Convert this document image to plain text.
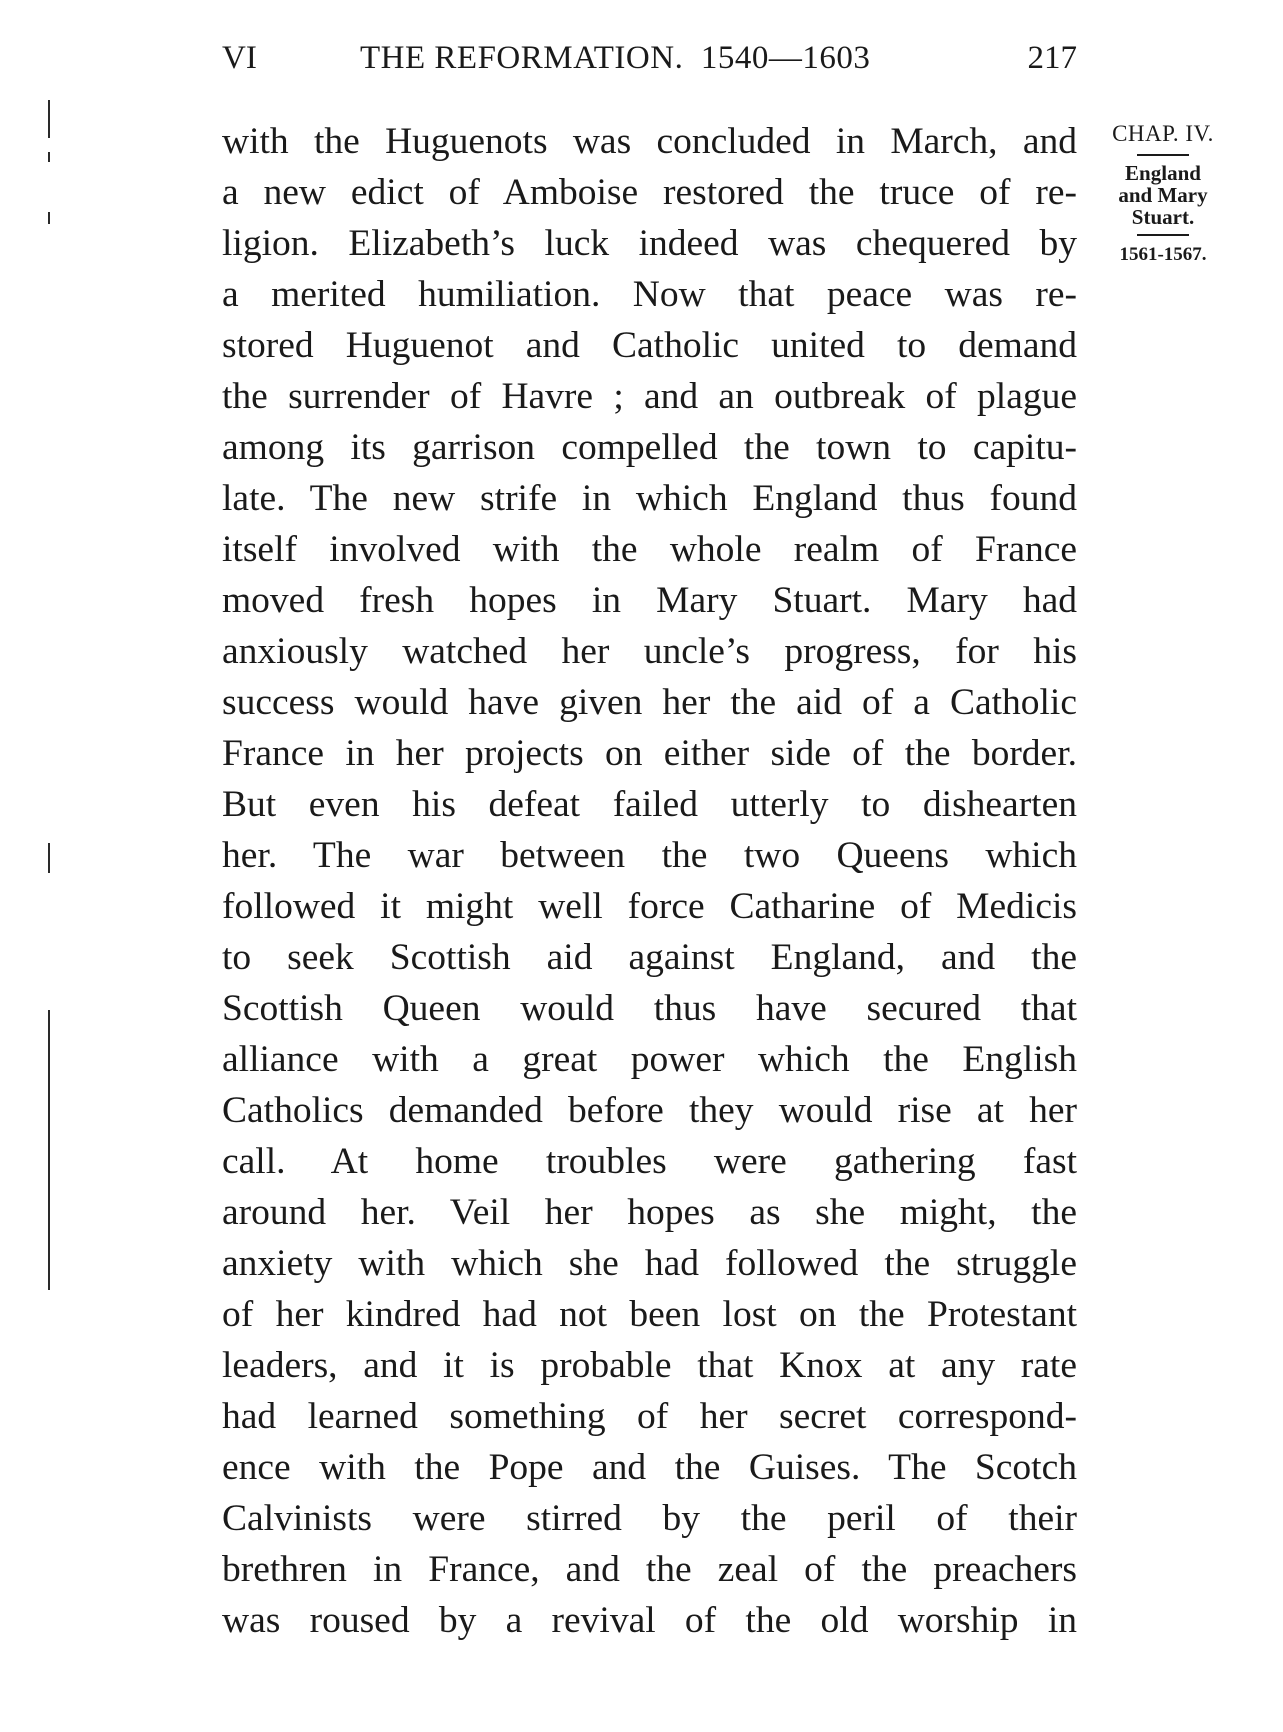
VI	THE REFORMATION.  1540—1603	217
with the Huguenots was concluded in March, and
a new edict of Amboise restored the truce of re-
ligion. Elizabeth’s luck indeed was chequered by
a merited humiliation. Now that peace was re-
stored Huguenot and Catholic united to demand
the surrender of Havre ; and an outbreak of plague
among its garrison compelled the town to capitu-
late. The new strife in which England thus found
itself involved with the whole realm of France
moved fresh hopes in Mary Stuart. Mary had
anxiously watched her uncle’s progress, for his
success would have given her the aid of a Catholic
France in her projects on either side of the border.
But even his defeat failed utterly to dishearten
her. The war between the two Queens which
followed it might well force Catharine of Medicis
to seek Scottish aid against England, and the
Scottish Queen would thus have secured that
alliance with a great power which the English
Catholics demanded before they would rise at her
call. At home troubles were gathering fast
around her. Veil her hopes as she might, the
anxiety with which she had followed the struggle
of her kindred had not been lost on the Protestant
leaders, and it is probable that Knox at any rate
had learned something of her secret correspond-
ence with the Pope and the Guises. The Scotch
Calvinists were stirred by the peril of their
brethren in France, and the zeal of the preachers
was roused by a revival of the old worship in
CHAP. IV.
England
and Mary
Stuart.
1561-1567.
